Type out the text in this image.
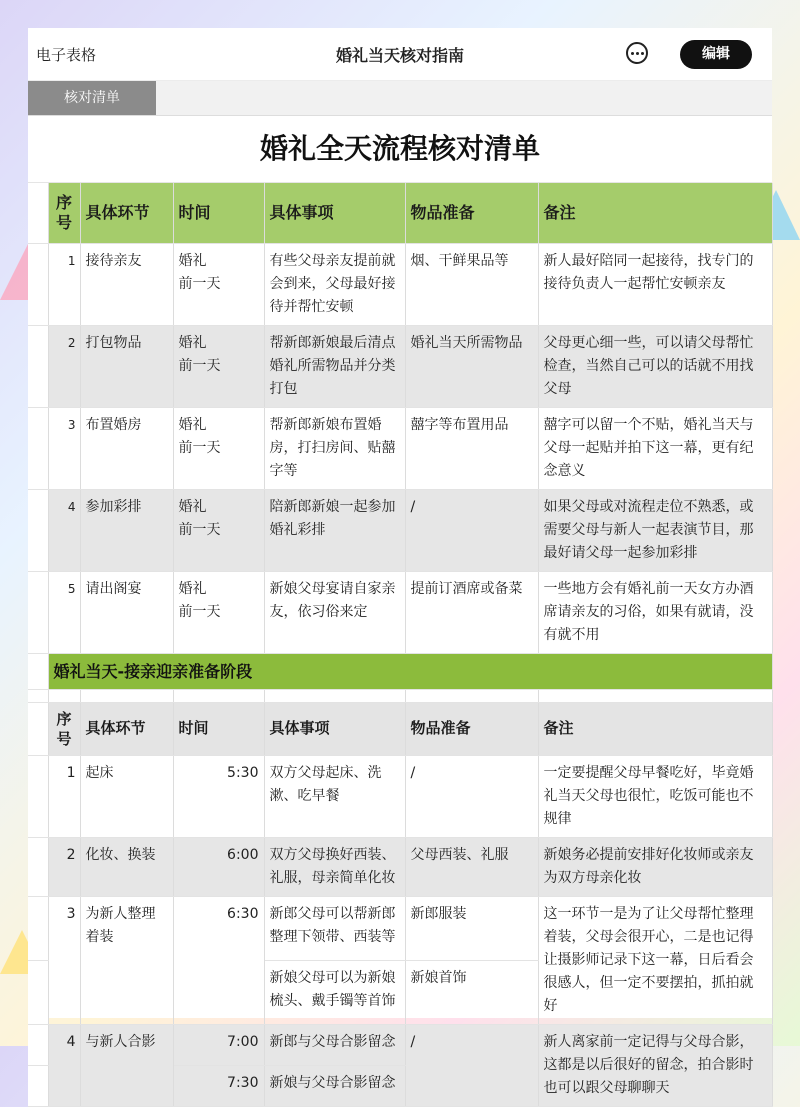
电子表格	婚礼当天核对指南	编辑
核对清单
婚礼全天流程核对清单
	序号	具体环节	时间	具体事项	物品准备	备注
	1	接待亲友	婚礼
前一天	有些父母亲友提前就会到来，父母最好接待并帮忙安顿	烟、干鲜果品等	新人最好陪同一起接待，找专门的接待负责人一起帮忙安顿亲友
	2	打包物品	婚礼
前一天	帮新郎新娘最后清点婚礼所需物品并分类打包	婚礼当天所需物品	父母更心细一些，可以请父母帮忙检查，当然自己可以的话就不用找父母
	3	布置婚房	婚礼
前一天	帮新郎新娘布置婚房，打扫房间、贴囍字等	囍字等布置用品	囍字可以留一个不贴，婚礼当天与父母一起贴并拍下这一幕，更有纪念意义
	4	参加彩排	婚礼
前一天	陪新郎新娘一起参加婚礼彩排	/	如果父母或对流程走位不熟悉，或需要父母与新人一起表演节目，那最好请父母一起参加彩排
	5	请出阁宴	婚礼
前一天	新娘父母宴请自家亲友，依习俗来定	提前订酒席或备菜	一些地方会有婚礼前一天女方办酒席请亲友的习俗，如果有就请，没有就不用
	婚礼当天-接亲迎亲准备阶段					

	序号	具体环节	时间	具体事项	物品准备	备注
	1	起床	5:30	双方父母起床、洗漱、吃早餐	/	一定要提醒父母早餐吃好，毕竟婚礼当天父母也很忙，吃饭可能也不规律
	2	化妆、换装	6:00	双方父母换好西装、礼服，母亲简单化妆	父母西装、礼服	新娘务必提前安排好化妆师或亲友为双方母亲化妆
	3	为新人整理着装	6:30	新郎父母可以帮新郎整理下领带、西装等	新郎服装	这一环节一是为了让父母帮忙整理着装，父母会很开心，二是也记得让摄影师记录下这一幕，日后看会很感人，但一定不要摆拍，抓拍就好
				新娘父母可以为新娘梳头、戴手镯等首饰	新娘首饰	
	4	与新人合影	7:00	新郎与父母合影留念	/	新人离家前一定记得与父母合影，这都是以后很好的留念，拍合影时也可以跟父母聊聊天
			7:30	新娘与父母合影留念		
